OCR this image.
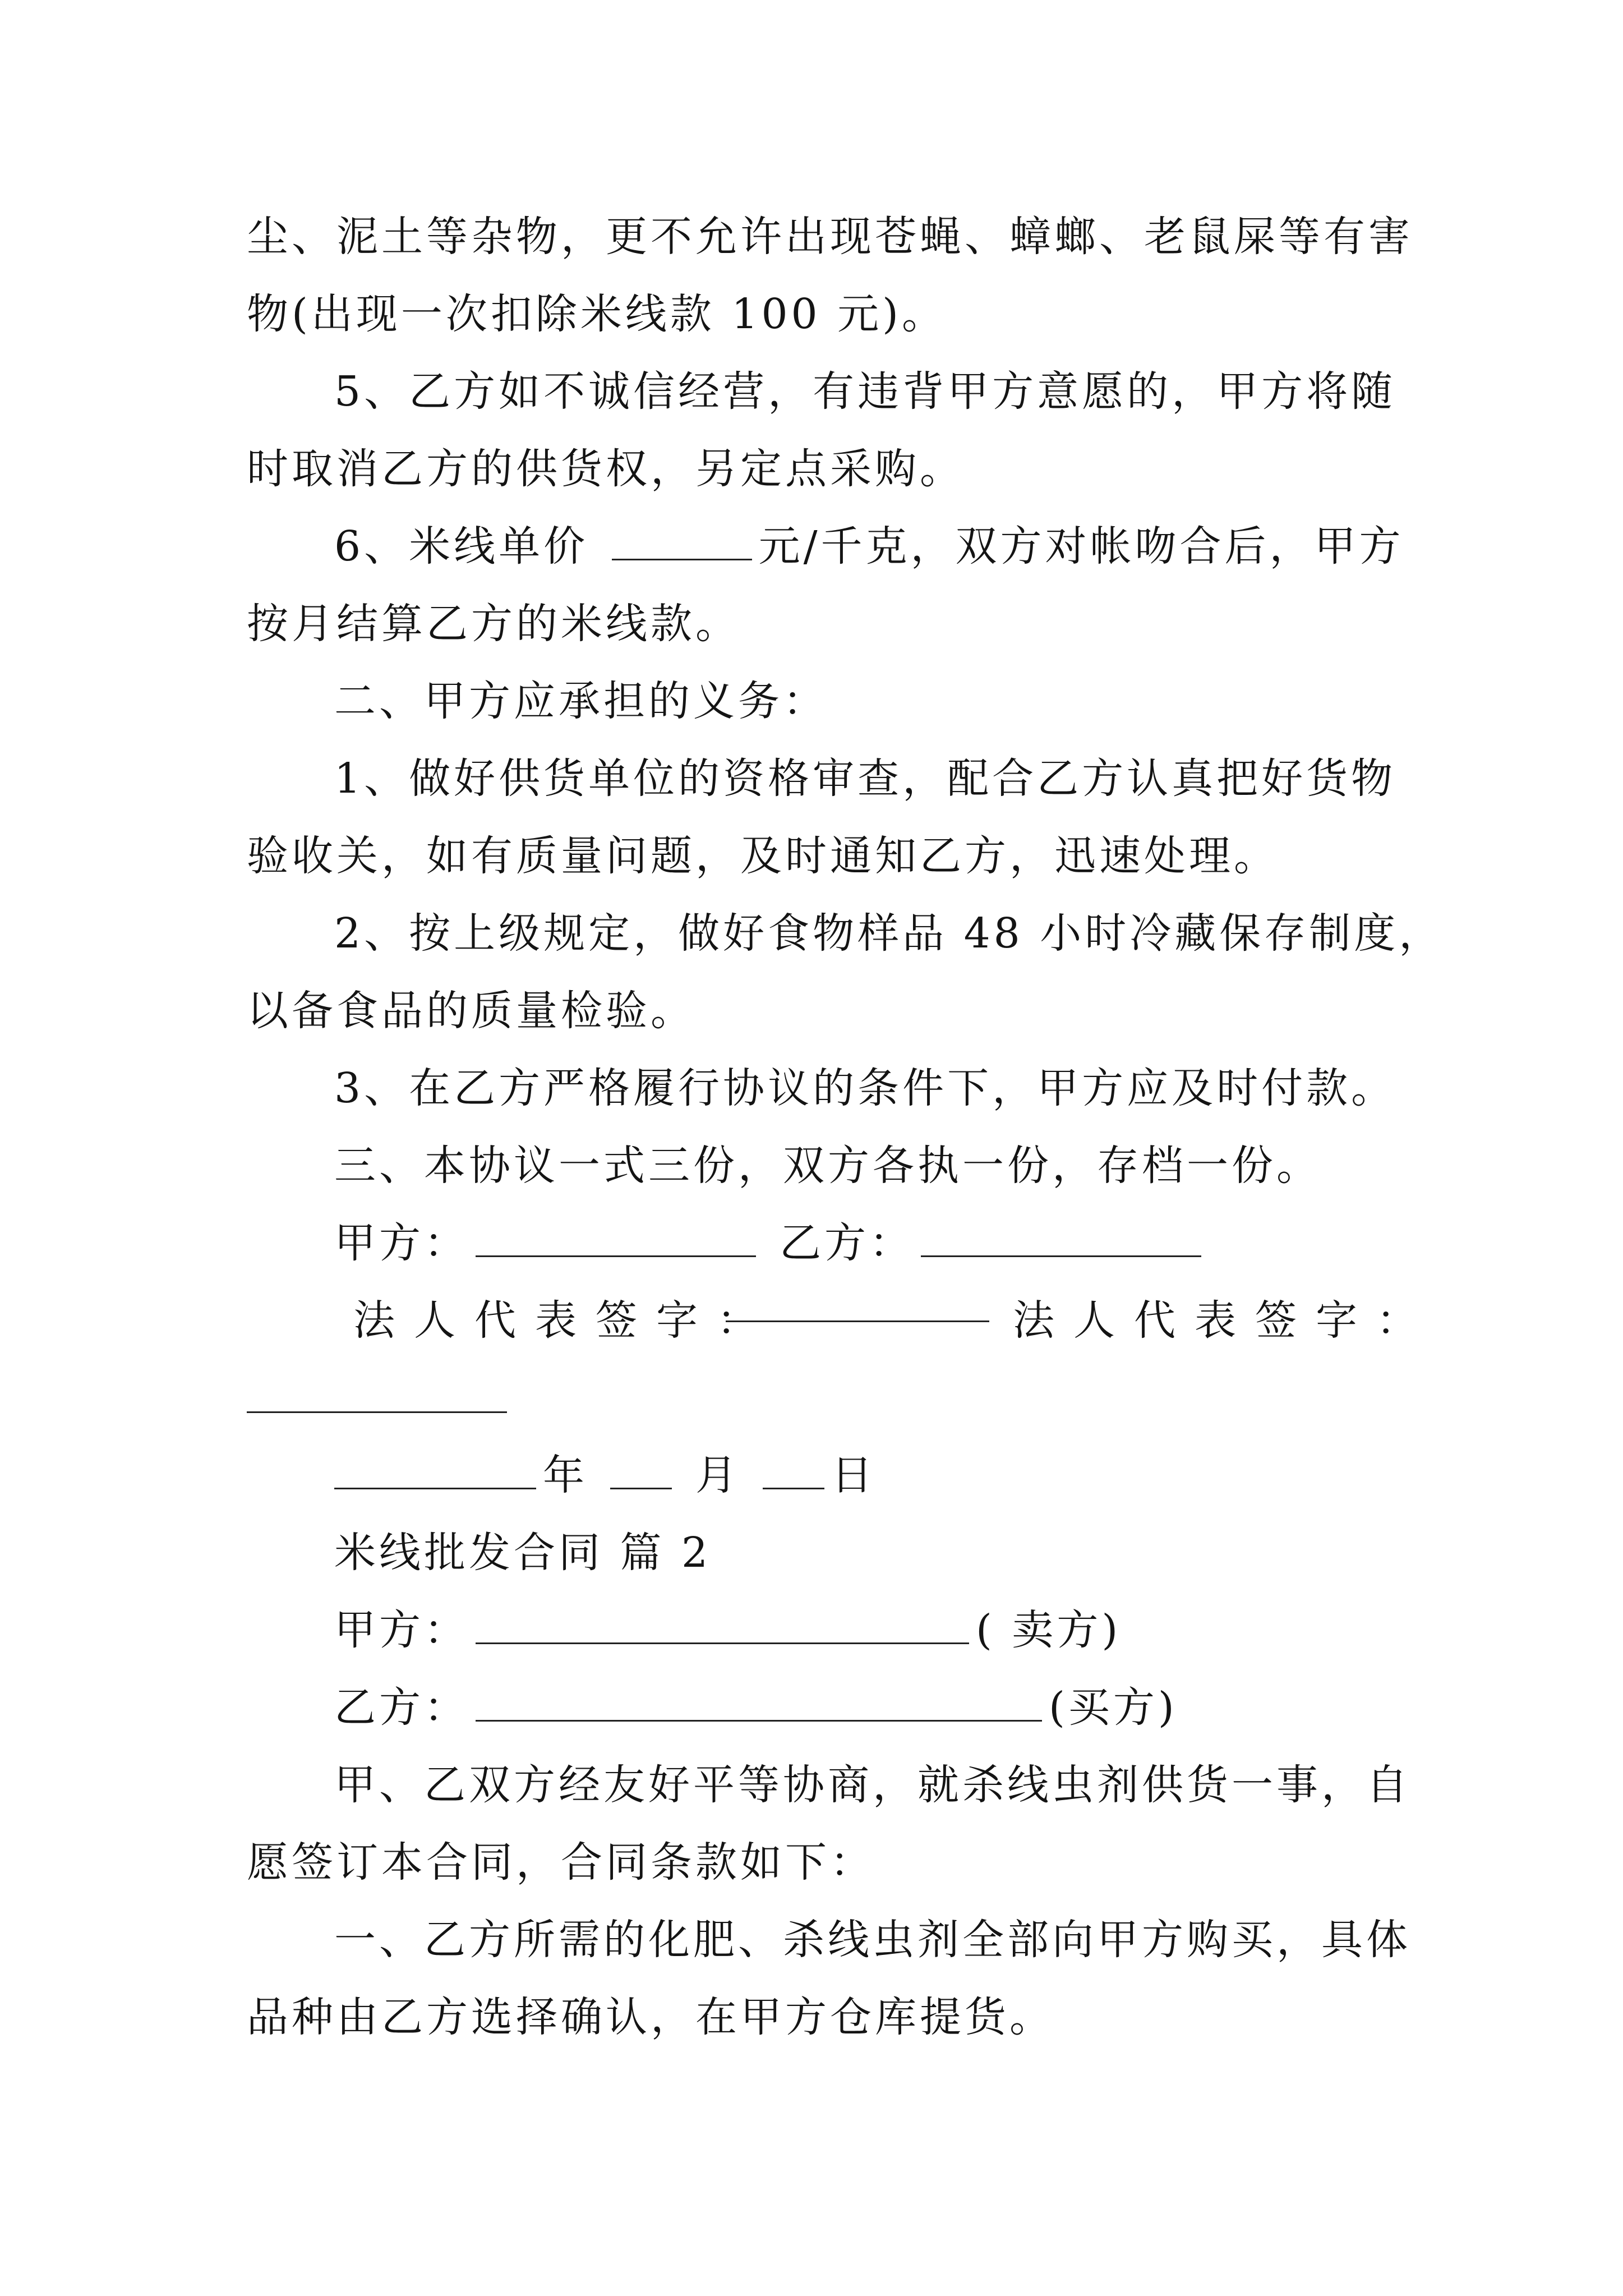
尘、泥土等杂物，更不允许出现苍蝇、蟑螂、老鼠屎等有害
物(出现一次扣除米线款 100 元)。
5、乙方如不诚信经营，有违背甲方意愿的，甲方将随
时取消乙方的供货权，另定点采购。
6、米线单价	元/千克，双方对帐吻合后，甲方
按月结算乙方的米线款。
二、甲方应承担的义务：
1、做好供货单位的资格审查，配合乙方认真把好货物
验收关，如有质量问题，及时通知乙方，迅速处理。
2、按上级规定，做好食物样品 48 小时冷藏保存制度，
以备食品的质量检验。
3、在乙方严格履行协议的条件下，甲方应及时付款。
三、本协议一式三份，双方各执一份，存档一份。
甲方：	乙方：
法人代表签字：	法人代表签字：
年	月 日
米线批发合同 篇 2
甲方：	( 卖方)
乙方：	(买方)
甲、乙双方经友好平等协商，就杀线虫剂供货一事，自
愿签订本合同，合同条款如下：
一、乙方所需的化肥、杀线虫剂全部向甲方购买，具体
品种由乙方选择确认，在甲方仓库提货。
